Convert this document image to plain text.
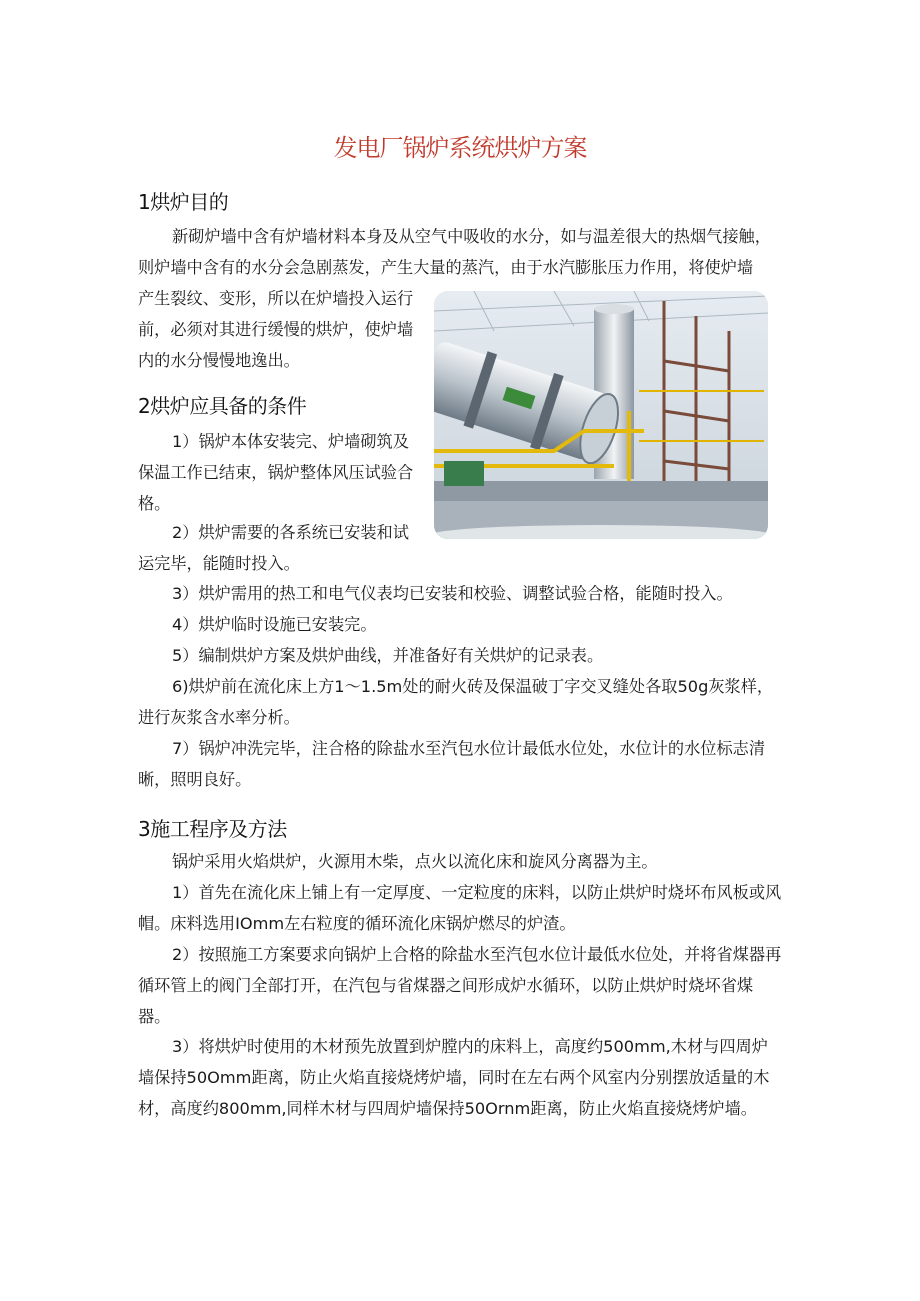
发电厂锅炉系统烘炉方案
1烘炉目的

新砌炉墙中含有炉墙材料本身及从空气中吸收的水分，如与温差很大的热烟气接触，则炉墙中含有的水分会急剧蒸发，产生大量的蒸汽，由于水汽膨胀压力作用，将使炉墙

产生裂纹、变形，所以在炉墙投入运行前，必须对其进行缓慢的烘炉，使炉墙内的水分慢慢地逸出。

2烘炉应具备的条件

1）锅炉本体安装完、炉墙砌筑及保温工作已结束，锅炉整体风压试验合格。

2）烘炉需要的各系统已安装和试运完毕，能随时投入。

3）烘炉需用的热工和电气仪表均已安装和校验、调整试验合格，能随时投入。

4）烘炉临时设施已安装完。

5）编制烘炉方案及烘炉曲线，并准备好有关烘炉的记录表。

6)烘炉前在流化床上方1～1.5m处的耐火砖及保温破丁字交叉缝处各取50g灰浆样，进行灰浆含水率分析。

7）锅炉冲洗完毕，注合格的除盐水至汽包水位计最低水位处，水位计的水位标志清晰，照明良好。

3施工程序及方法

锅炉采用火焰烘炉，火源用木柴，点火以流化床和旋风分离器为主。

1）首先在流化床上铺上有一定厚度、一定粒度的床料，以防止烘炉时烧坏布风板或风帽。床料选用IOmm左右粒度的循环流化床锅炉燃尽的炉渣。

2）按照施工方案要求向锅炉上合格的除盐水至汽包水位计最低水位处，并将省煤器再循环管上的阀门全部打开，在汽包与省煤器之间形成炉水循环，以防止烘炉时烧坏省煤器。

3）将烘炉时使用的木材预先放置到炉膛内的床料上，高度约500mm,木材与四周炉墙保持50Omm距离，防止火焰直接烧烤炉墙，同时在左右两个风室内分别摆放适量的木材，高度约800mm,同样木材与四周炉墙保持50Ornm距离，防止火焰直接烧烤炉墙。
